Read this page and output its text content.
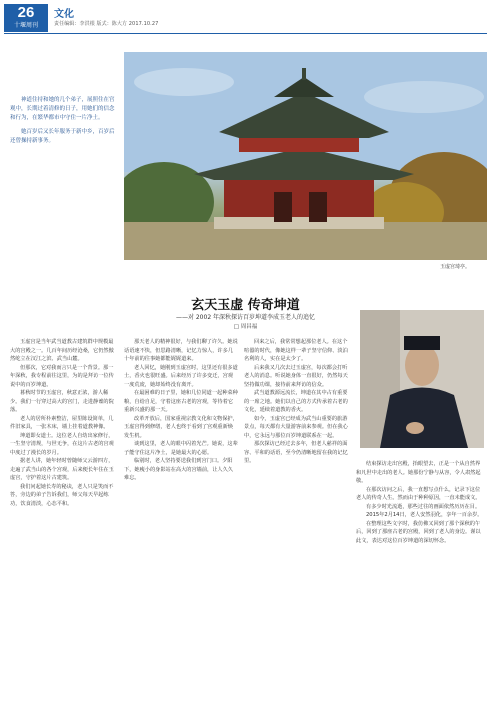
26
十堰周刊
文化
责任编辑：李洪根 版式：陈大方 2017.10.27

神道住持和她的几个弟子，展照住在宫观中，长期过着清修的日子，用她们的信念和行为，在繁华都市中守住一片净土。

她百岁后又长年服务于新中乡，百岁后还曾操持新事务。

玉虚宫琦亭。
玄天玉虚 传奇坤道
——对 2002 年深秋探访百岁坤道李成玉老人的追忆
□ 周昌福

玉虚宫是当年武当道教古建筑群中规模最大的宫殿之一。几百年间历经沧桑，它仍然傲然屹立在汉江之滨、武当山麓。

但那次，它对我而言只是一个背景。那一年深秋，我专程前往这里，为的是拜访一位传说中的百岁坤道。

暮秋时节的玉虚宫，秋意正浓，游人稀少。我们一行穿过高大的宫门，走进静谧的院落。

老人的居所朴素整洁，屋里陈设简单，几件旧家具，一张木床，墙上挂着道教神像。

坤道即女道士。这位老人自幼出家修行，一生坚守清规，与世无争，在这片古老的宫观中度过了漫长的岁月。

据老人讲，她年轻时曾随师父云游四方，走遍了武当山的各个宫观，后来便长年住在玉虚宫，守护着这片古建筑。

我们问起她长寿的秘诀，老人只是笑而不答，旁边的弟子告诉我们，师父每天早起练功，饮食清淡，心态平和。

那天老人的精神很好，与我们聊了许久。她说话语速不快，但思路清晰，记忆力惊人，许多几十年前的往事她都能娓娓道来。

老人回忆，她刚到玉虚宫时，这里还有很多道士，香火也很旺盛。后来经历了许多变迁，宫观一度荒废，她却始终没有离开。

在最困难的日子里，她和几位同道一起种菜种粮，自给自足，守着这座古老的宫观，等待着它重新兴盛的那一天。

改革开放后，国家重视宗教文化和文物保护，玉虚宫得到修缮，老人也终于看到了宫观重新焕发生机。

谈到这里，老人的眼中闪着光芒。她说，这辈子能守住这片净土，是她最大的心愿。

临别时，老人坚持要送我们到宫门口。夕阳下，她瘦小的身影站在高大的宫墙前，让人久久难忘。

回来之后，我常常想起那位老人。在这个喧嚣的时代，像她这样一辈子坚守信仰、淡泊名利的人，实在是太少了。

后来我又几次去过玉虚宫，每次都会打听老人的消息。听说她身体一直很好，仍然每天坚持做功课，接待前来拜访的信众。

武当道教源远流长，坤道在其中占有重要的一席之地。她们以自己的方式传承着古老的文化，延续着道教的香火。

如今，玉虚宫已经成为武当山重要的旅游景点，每天都有大量游客前来参观。但在我心中，它永远与那位百岁坤道联系在一起。

那次探访已经过去多年，但老人慈祥的面容、平和的话语，至今仍清晰地留在我的记忆里。	结束探访走出宫殿，抬眼望去，正是一个从自然界和凡世中走出的老人。她那份宁静与从容，令人肃然起敬。

在那次访问之后，我一直想写点什么，记录下这位老人的传奇人生。然而由于种种原因，一直未能成文。

有多少时光流逝，那些过往的画面依然历历在目。

2015年2月14日，老人安然羽化，享年一百余岁。

在整理这些文字时，我仿佛又回到了那个深秋的午后，回到了那座古老的宫殿，回到了老人的身边。谨以此文，表达对这位百岁坤道的深切怀念。
